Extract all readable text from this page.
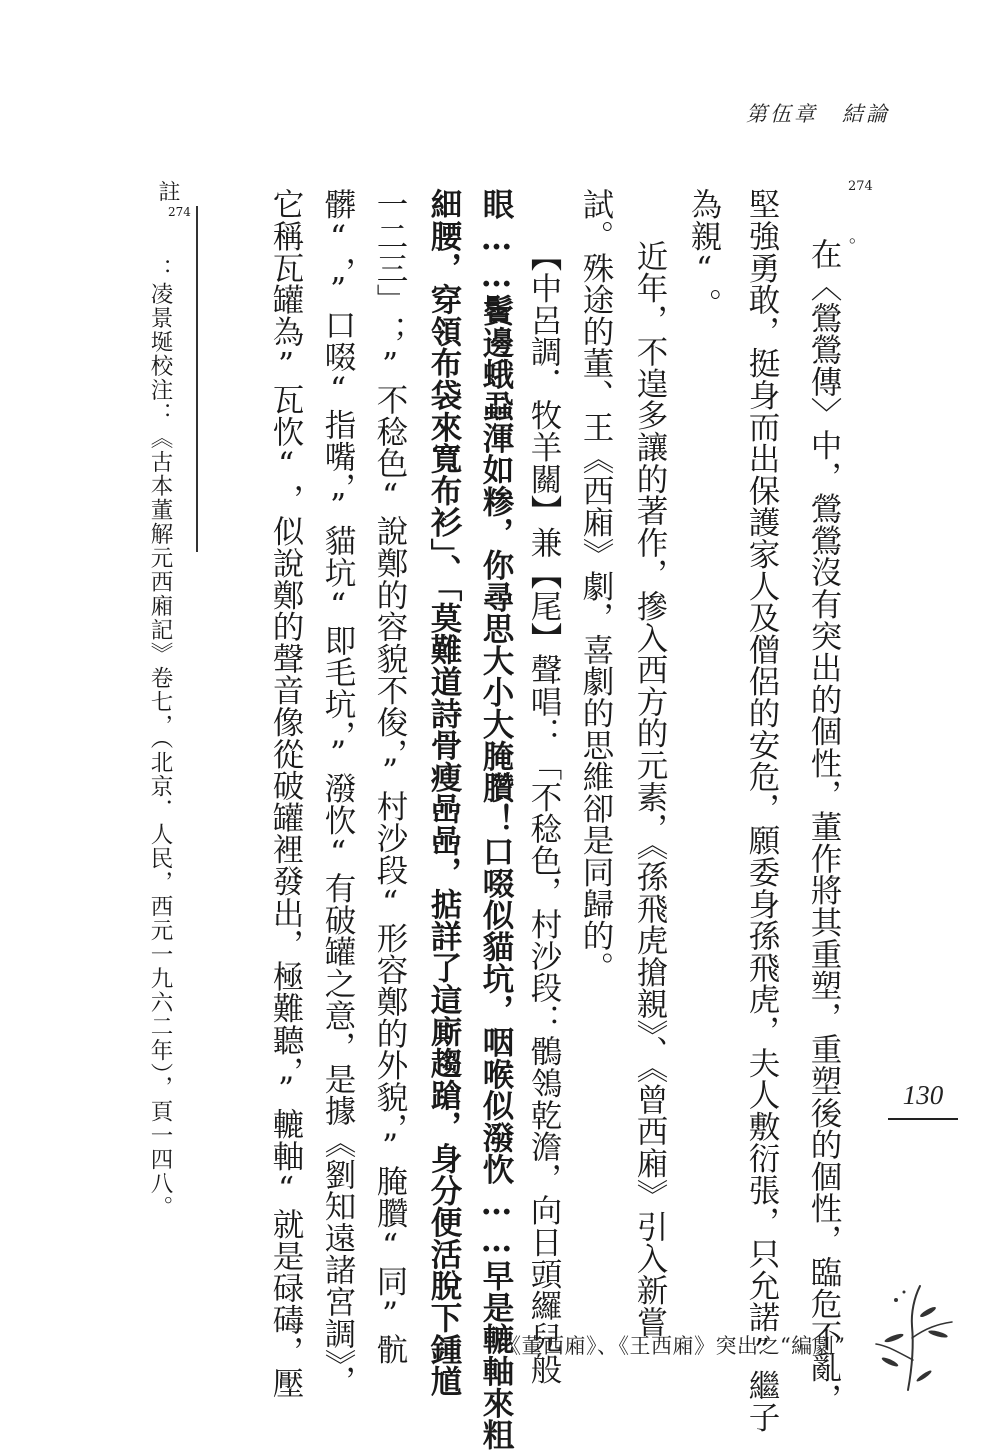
第伍章　結論
130
274
。
在〈鶯鶯傳〉中，鶯鶯沒有突出的個性，董作將其重塑，重塑後的個性，臨危不亂，
堅強勇敢，挺身而出保護家人及僧侶的安危，願委身孫飛虎，夫人敷衍張，只允諾”繼子
為親“。
近年，不遑多讓的著作，摻入西方的元素，《孫飛虎搶親》、《曾西廂》引入新嘗
試。殊途的董、王《西廂》劇，喜劇的思維卻是同歸的。
【中呂調．牧羊關】兼【尾】聲唱：「不稔色，村沙段：鶻鴒乾澹，向日頭纙兒般
眼……鬢邊蛾蝨渾如糁，你尋思大小大腌臢！口啜似貓坑，咽喉似潑忺……早是轆軸來粗
細腰，穿領布袋來寬布衫」、「莫難道詩骨瘦喦喦，掂詳了這廝趨蹌，身分便活脫下鍾馗
一二三」；”不稔色“說鄭的容貌不俊，”村沙段“形容鄭的外貌，”腌臢“同”骯
髒“，”口啜“指嘴，”貓坑“即毛坑，”潑忺“有破罐之意，是據《劉知遠諸宮調》，
它稱瓦罐為”瓦忺“，似說鄭的聲音像從破罐裡發出，極難聽，”轆軸“就是碌碡，壓
註
274
：凌景埏校注：《古本董解元西廂記》卷七，（北京．人民，西元一九六二年），頁一四八。
《董西廂》、《王西廂》突出之“編劇”
